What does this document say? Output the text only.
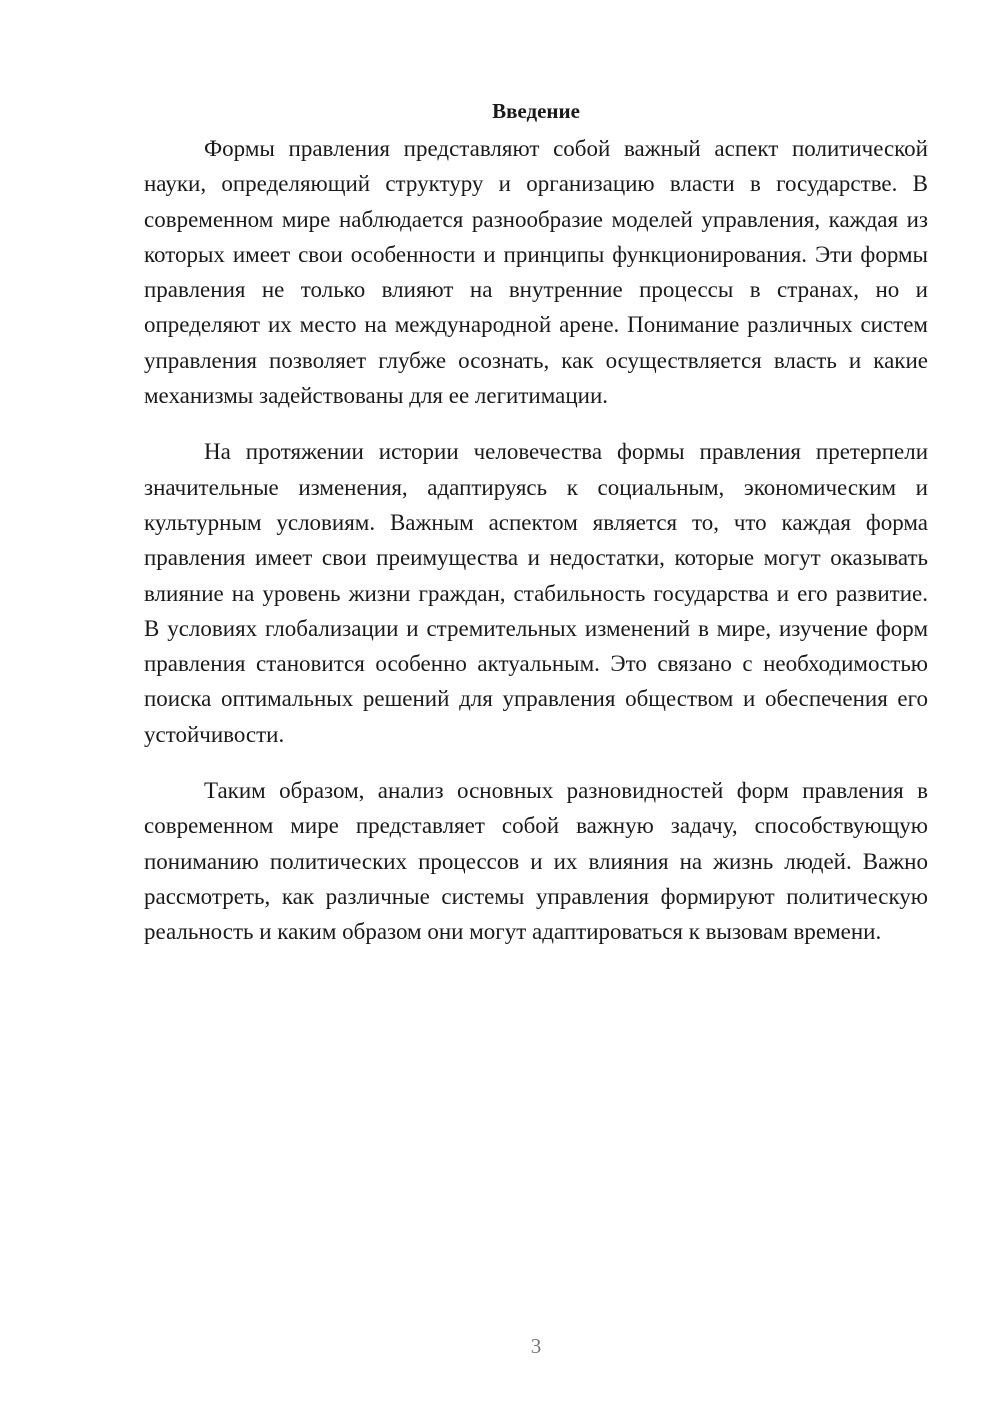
Введение

Формы правления представляют собой важный аспект политической науки, определяющий структуру и организацию власти в государстве. В современном мире наблюдается разнообразие моделей управления, каждая из которых имеет свои особенности и принципы функционирования. Эти формы правления не только влияют на внутренние процессы в странах, но и определяют их место на международной арене. Понимание различных систем управления позволяет глубже осознать, как осуществляется власть и какие механизмы задействованы для ее легитимации.

На протяжении истории человечества формы правления претерпели значительные изменения, адаптируясь к социальным, экономическим и культурным условиям. Важным аспектом является то, что каждая форма правления имеет свои преимущества и недостатки, которые могут оказывать влияние на уровень жизни граждан, стабильность государства и его развитие. В условиях глобализации и стремительных изменений в мире, изучение форм правления становится особенно актуальным. Это связано с необходимостью поиска оптимальных решений для управления обществом и обеспечения его устойчивости.

Таким образом, анализ основных разновидностей форм правления в современном мире представляет собой важную задачу, способствующую пониманию политических процессов и их влияния на жизнь людей. Важно рассмотреть, как различные системы управления формируют политическую реальность и каким образом они могут адаптироваться к вызовам времени.

3
